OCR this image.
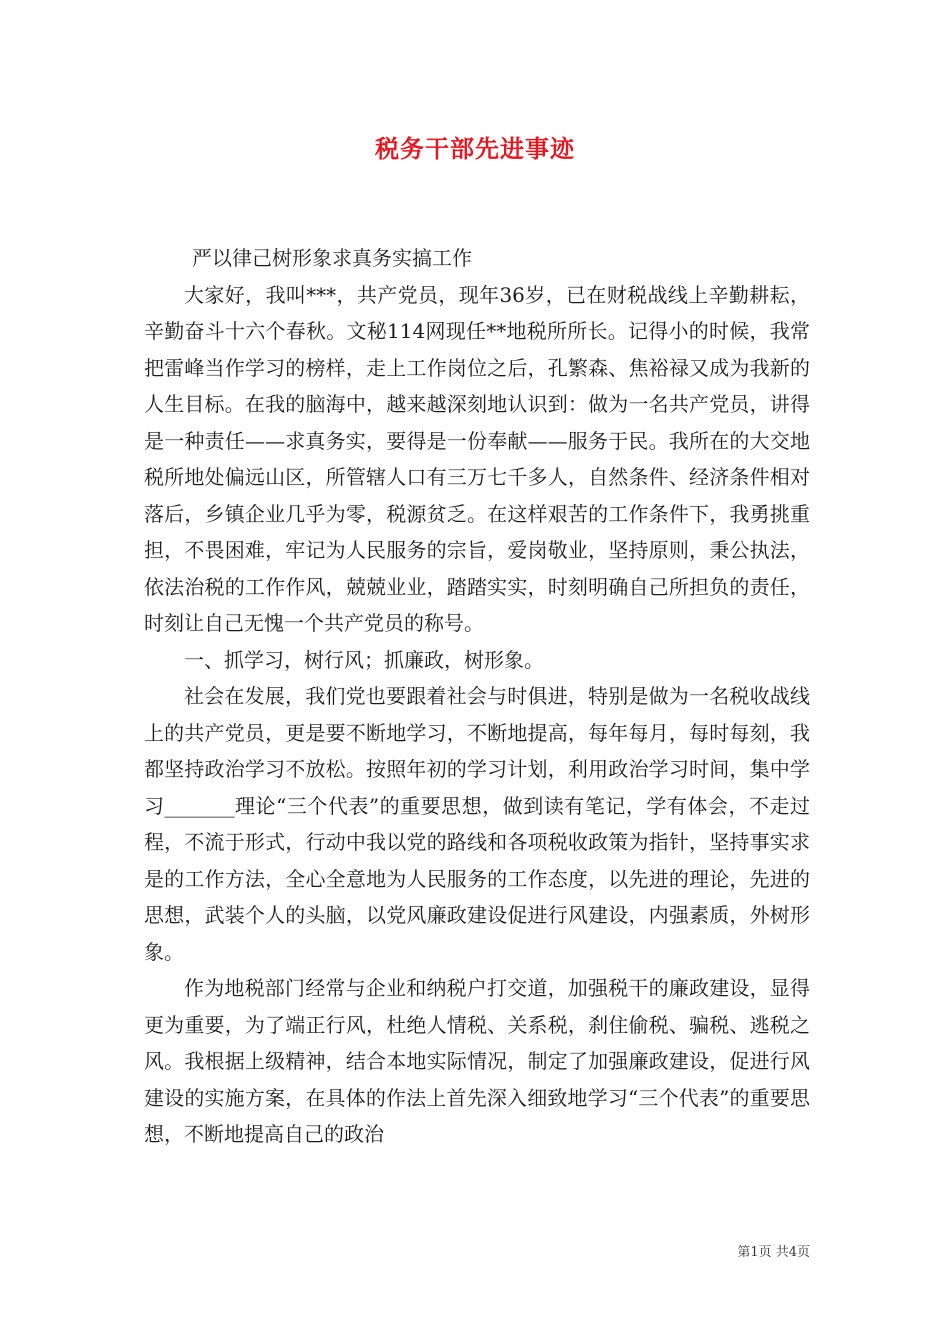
税务干部先进事迹

严以律己树形象求真务实搞工作

大家好，我叫***，共产党员，现年36岁，已在财税战线上辛勤耕耘，辛勤奋斗十六个春秋。文秘114网现任**地税所所长。记得小的时候，我常把雷峰当作学习的榜样，走上工作岗位之后，孔繁森、焦裕禄又成为我新的人生目标。在我的脑海中，越来越深刻地认识到：做为一名共产党员，讲得是一种责任——求真务实，要得是一份奉献——服务于民。我所在的大交地税所地处偏远山区，所管辖人口有三万七千多人，自然条件、经济条件相对落后，乡镇企业几乎为零，税源贫乏。在这样艰苦的工作条件下，我勇挑重担，不畏困难，牢记为人民服务的宗旨，爱岗敬业，坚持原则，秉公执法，依法治税的工作作风，兢兢业业，踏踏实实，时刻明确自己所担负的责任，时刻让自己无愧一个共产党员的称号。

一、抓学习，树行风；抓廉政，树形象。

社会在发展，我们党也要跟着社会与时俱进，特别是做为一名税收战线上的共产党员，更是要不断地学习，不断地提高，每年每月，每时每刻，我都坚持政治学习不放松。按照年初的学习计划，利用政治学习时间，集中学习_______理论“三个代表”的重要思想，做到读有笔记，学有体会，不走过程，不流于形式，行动中我以党的路线和各项税收政策为指针，坚持事实求是的工作方法，全心全意地为人民服务的工作态度，以先进的理论，先进的思想，武装个人的头脑，以党风廉政建设促进行风建设，内强素质，外树形象。

作为地税部门经常与企业和纳税户打交道，加强税干的廉政建设，显得更为重要，为了端正行风，杜绝人情税、关系税，刹住偷税、骗税、逃税之风。我根据上级精神，结合本地实际情况，制定了加强廉政建设，促进行风建设的实施方案，在具体的作法上首先深入细致地学习“三个代表”的重要思想，不断地提高自己的政治

第1页 共4页
